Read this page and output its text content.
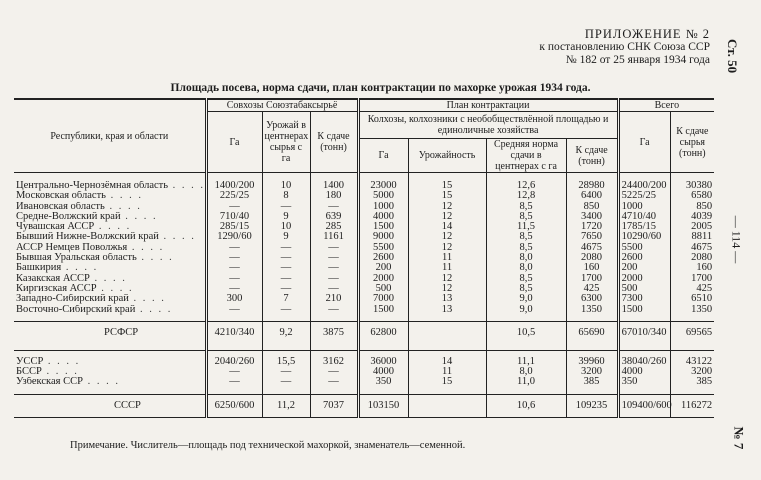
ПРИЛОЖЕНИЕ № 2
к постановлению СНК Союза ССР
№ 182 от 25 января 1934 года Ст. 50
— 114 —
№ 7
Площадь посева, норма сдачи, план контрактации по махорке урожая 1934 года.
Республики, края и области	Совхозы Союзтабаксырьё			План контрактации				Всего	
	Га	Урожай в центнерах сырья с га	К сдаче (тонн)	Колхозы, колхозники с необобществлённой площадью и единоличные хозяйства				Га	К сдаче сырья (тонн)
				Га	Урожайность	Средняя норма сдачи в центнерах с га	К сдаче (тонн)		

Центрально-Чернозёмная область . . . .	1400/200	10	1400	23000	15	12,6	28980	24400/200	30380
Московская область . . . .	225/25	8	180	5000	15	12,8	6400	5225/25	6580
Ивановская область . . . .	—	—	—	1000	12	8,5	850	1000	850
Средне-Волжский край . . . .	710/40	9	639	4000	12	8,5	3400	4710/40	4039
Чувашская АССР . . . .	285/15	10	285	1500	14	11,5	1720	1785/15	2005
Бывший Нижне-Волжский край . . . .	1290/60	9	1161	9000	12	8,5	7650	10290/60	8811
АССР Немцев Поволжья . . . .	—	—	—	5500	12	8,5	4675	5500	4675
Бывшая Уральская область . . . .	—	—	—	2600	11	8,0	2080	2600	2080
Башкирия . . . .	—	—	—	200	11	8,0	160	200	160
Казакская АССР . . . .	—	—	—	2000	12	8,5	1700	2000	1700
Киргизская АССР . . . .	—	—	—	500	12	8,5	425	500	425
Западно-Сибирский край . . . .	300	7	210	7000	13	9,0	6300	7300	6510
Восточно-Сибирский край . . . .	—	—	—	1500	13	9,0	1350	1500	1350

РСФСР	4210/340	9,2	3875	62800		10,5	65690	67010/340	69565

УССР . . . .	2040/260	15,5	3162	36000	14	11,1	39960	38040/260	43122
БССР . . . .	—	—	—	4000	11	8,0	3200	4000	3200
Узбекская ССР . . . .	—	—	—	350	15	11,0	385	350	385

СССР	6250/600	11,2	7037	103150		10,6	109235	109400/600	116272
Примечание. Числитель—площадь под технической махоркой, знаменатель—семенной.
